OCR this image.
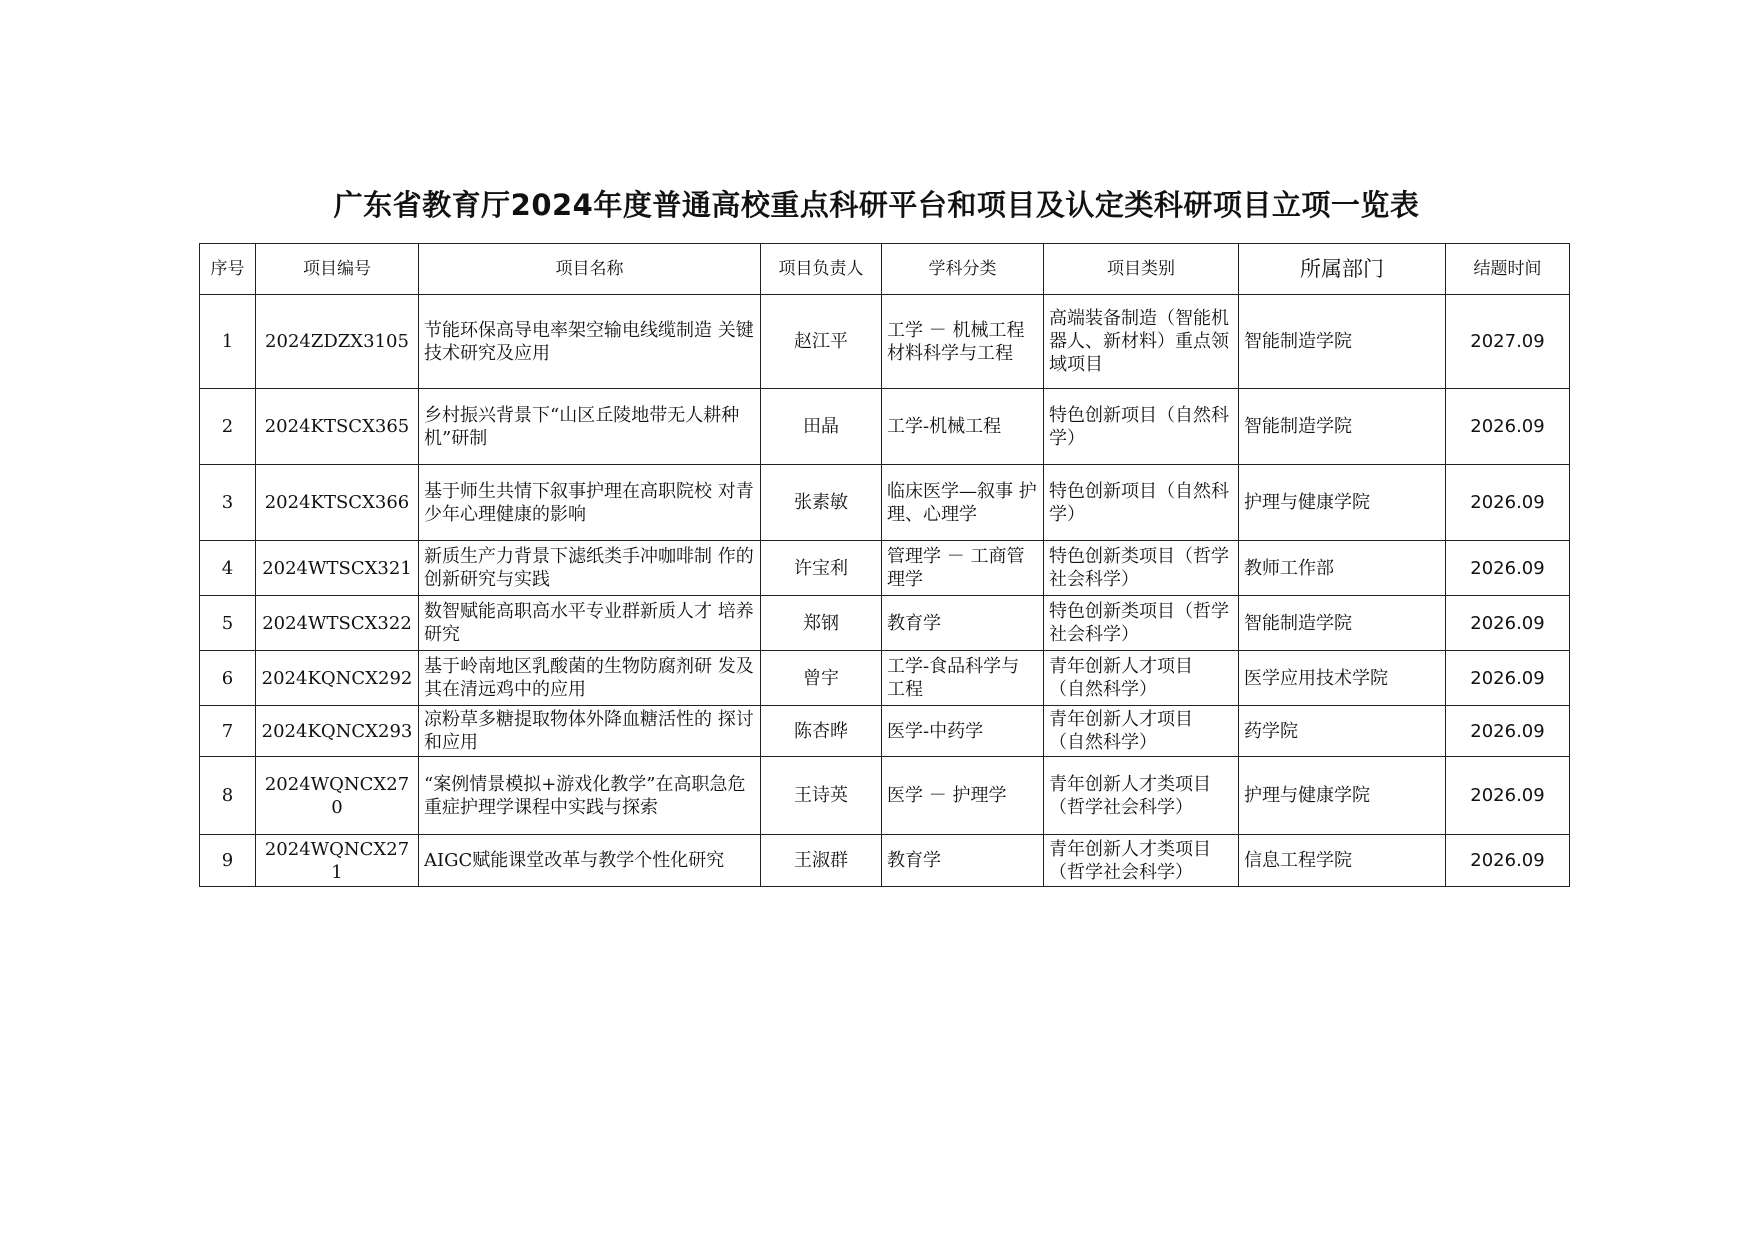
广东省教育厅2024年度普通高校重点科研平台和项目及认定类科研项目立项一览表
序号	项目编号	项目名称	项目负责人	学科分类	项目类别	所属部门	结题时间
1	2024ZDZX3105	节能环保高导电率架空输电线缆制造 关键技术研究及应用	赵江平	工学 － 机械工程 材料科学与工程	高端装备制造（智能机器人、新材料）重点领域项目	智能制造学院	2027.09
2	2024KTSCX365	乡村振兴背景下“山区丘陵地带无人耕种机”研制	田晶	工学-机械工程	特色创新项目（自然科学）	智能制造学院	2026.09
3	2024KTSCX366	基于师生共情下叙事护理在高职院校 对青少年心理健康的影响	张素敏	临床医学—叙事 护理、心理学	特色创新项目（自然科学）	护理与健康学院	2026.09
4	2024WTSCX321	新质生产力背景下滤纸类手冲咖啡制 作的创新研究与实践	许宝利	管理学 － 工商管 理学	特色创新类项目（哲学社会科学）	教师工作部	2026.09
5	2024WTSCX322	数智赋能高职高水平专业群新质人才 培养研究	郑钢	教育学	特色创新类项目（哲学社会科学）	智能制造学院	2026.09
6	2024KQNCX292	基于岭南地区乳酸菌的生物防腐剂研 发及其在清远鸡中的应用	曾宇	工学-食品科学与 工程	青年创新人才项目 （自然科学）	医学应用技术学院	2026.09
7	2024KQNCX293	凉粉草多糖提取物体外降血糖活性的 探讨和应用	陈杏晔	医学-中药学	青年创新人才项目 （自然科学）	药学院	2026.09
8	2024WQNCX270	“案例情景模拟+游戏化教学”在高职急危重症护理学课程中实践与探索	王诗英	医学 － 护理学	青年创新人才类项目（哲学社会科学）	护理与健康学院	2026.09
9	2024WQNCX271	AIGC赋能课堂改革与教学个性化研究	王淑群	教育学	青年创新人才类项目（哲学社会科学）	信息工程学院	2026.09
